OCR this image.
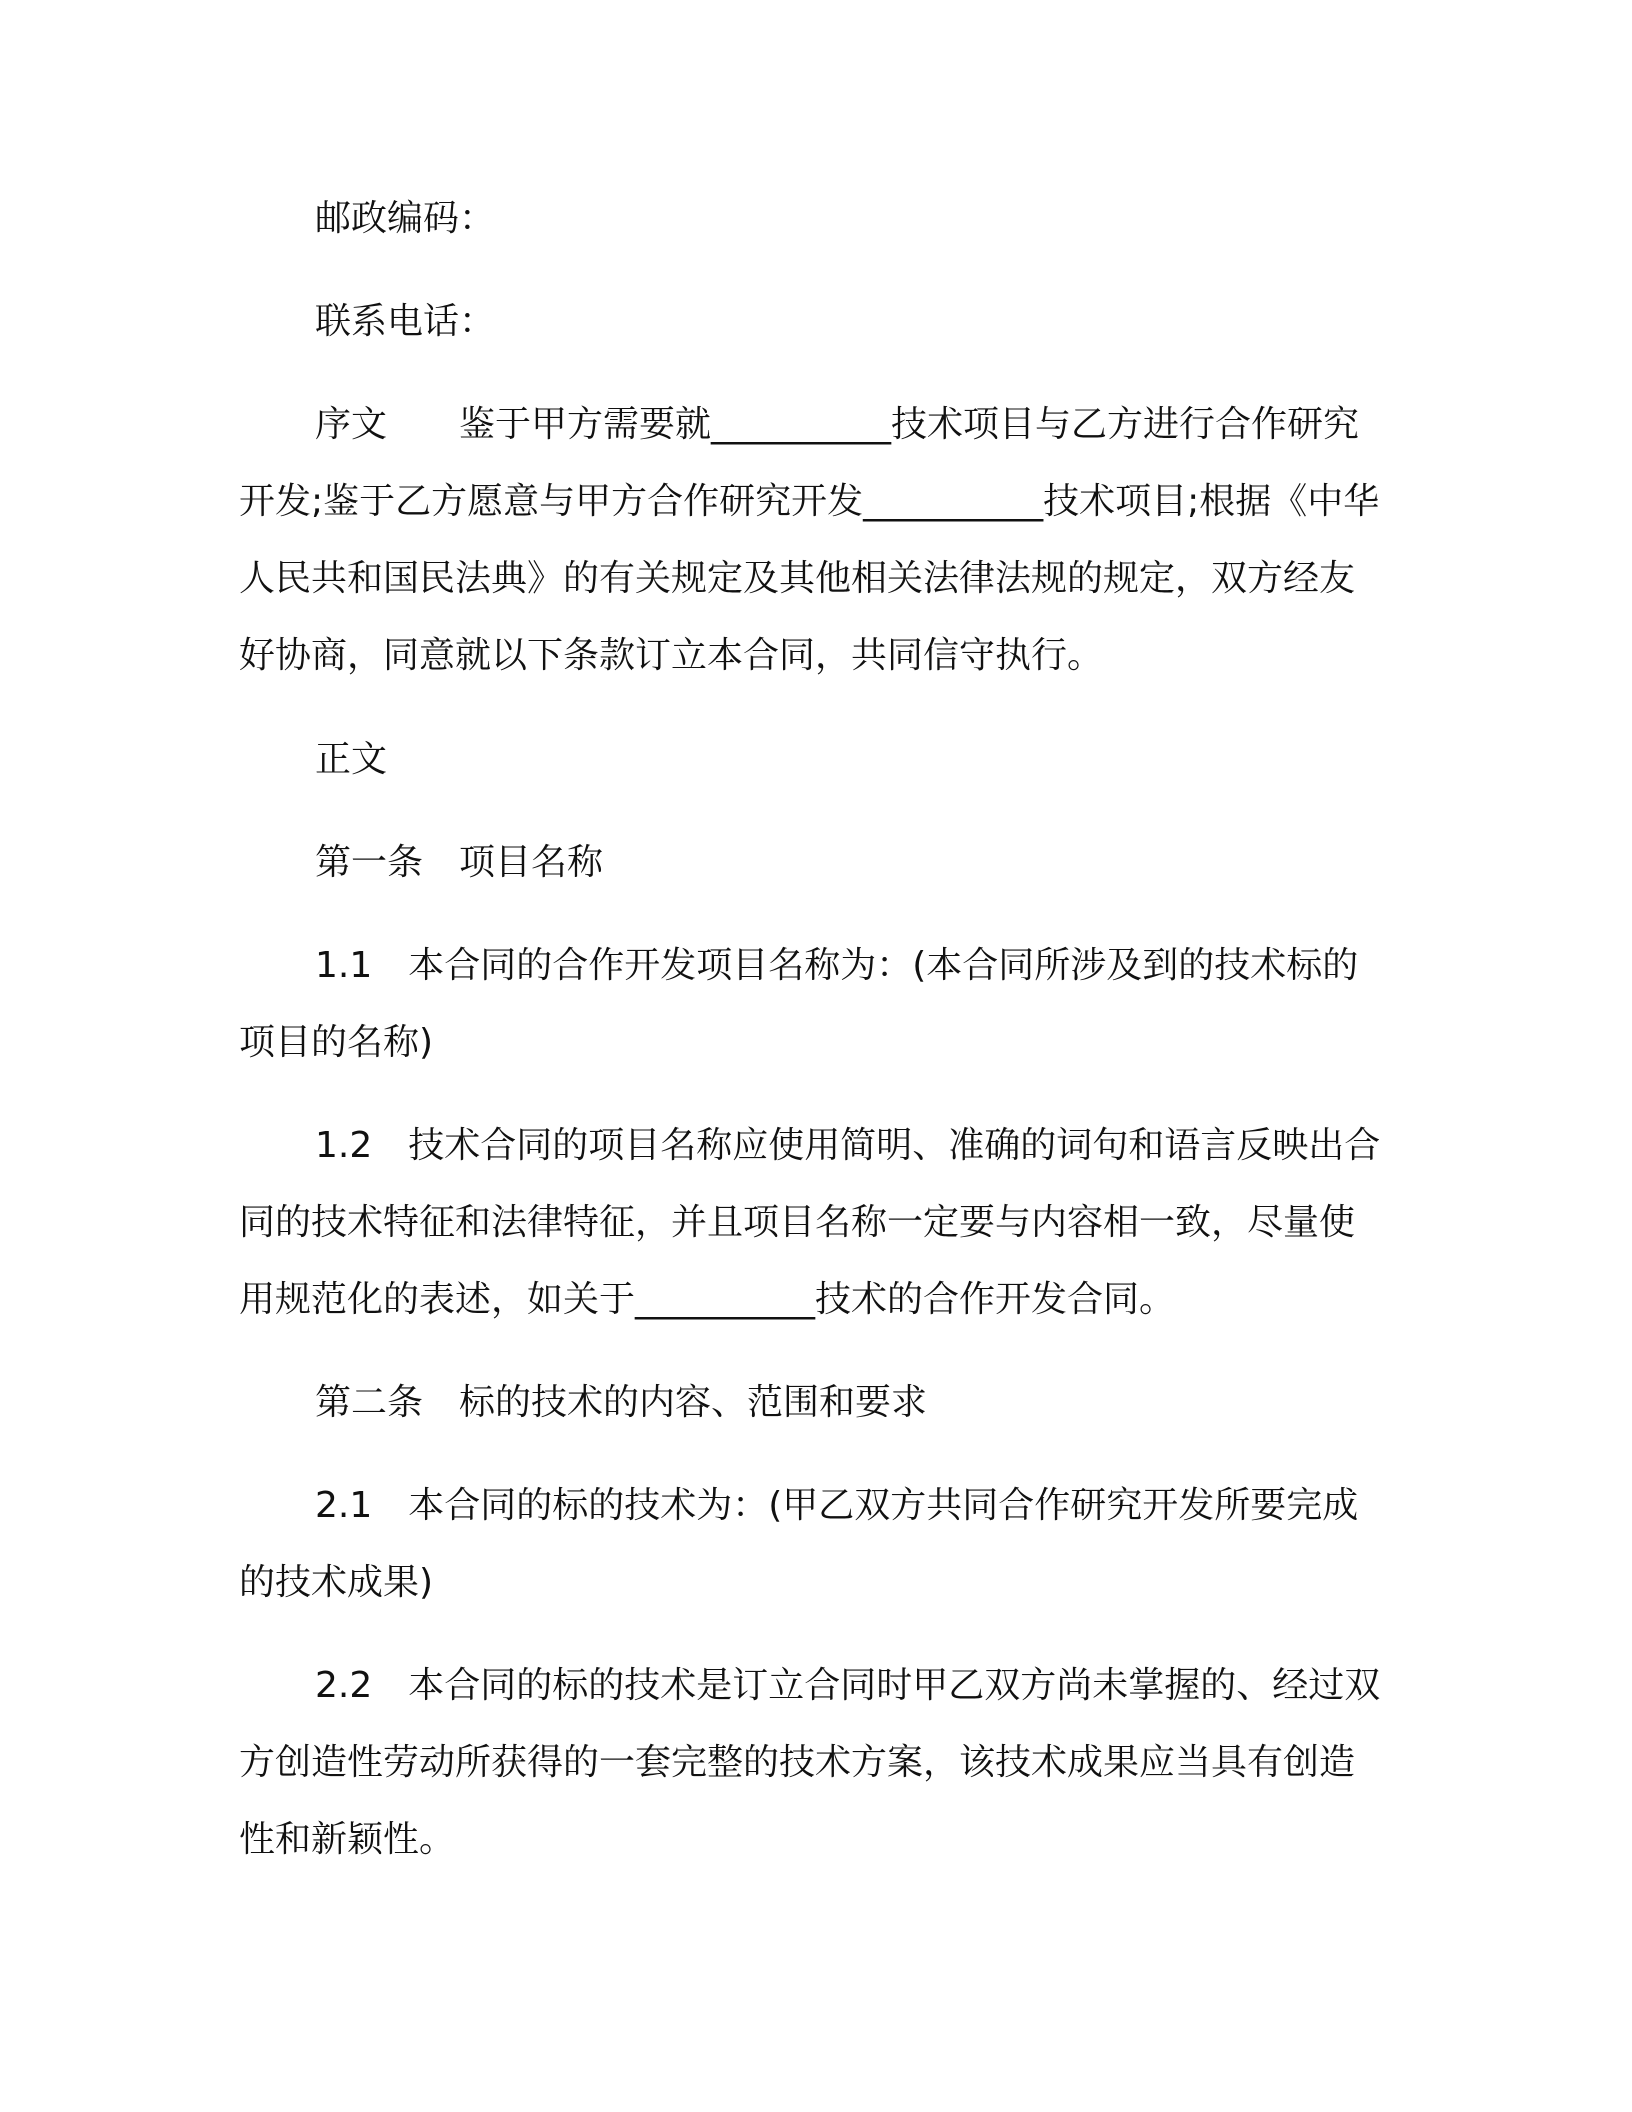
邮政编码：

联系电话：

序文　　鉴于甲方需要就__________技术项目与乙方进行合作研究开发;鉴于乙方愿意与甲方合作研究开发__________技术项目;根据《中华人民共和国民法典》的有关规定及其他相关法律法规的规定，双方经友好协商，同意就以下条款订立本合同，共同信守执行。

正文

第一条　项目名称

1.1　本合同的合作开发项目名称为：(本合同所涉及到的技术标的项目的名称)

1.2　技术合同的项目名称应使用简明、准确的词句和语言反映出合同的技术特征和法律特征，并且项目名称一定要与内容相一致，尽量使用规范化的表述，如关于__________技术的合作开发合同。

第二条　标的技术的内容、范围和要求

2.1　本合同的标的技术为：(甲乙双方共同合作研究开发所要完成的技术成果)

2.2　本合同的标的技术是订立合同时甲乙双方尚未掌握的、经过双方创造性劳动所获得的一套完整的技术方案，该技术成果应当具有创造性和新颖性。
